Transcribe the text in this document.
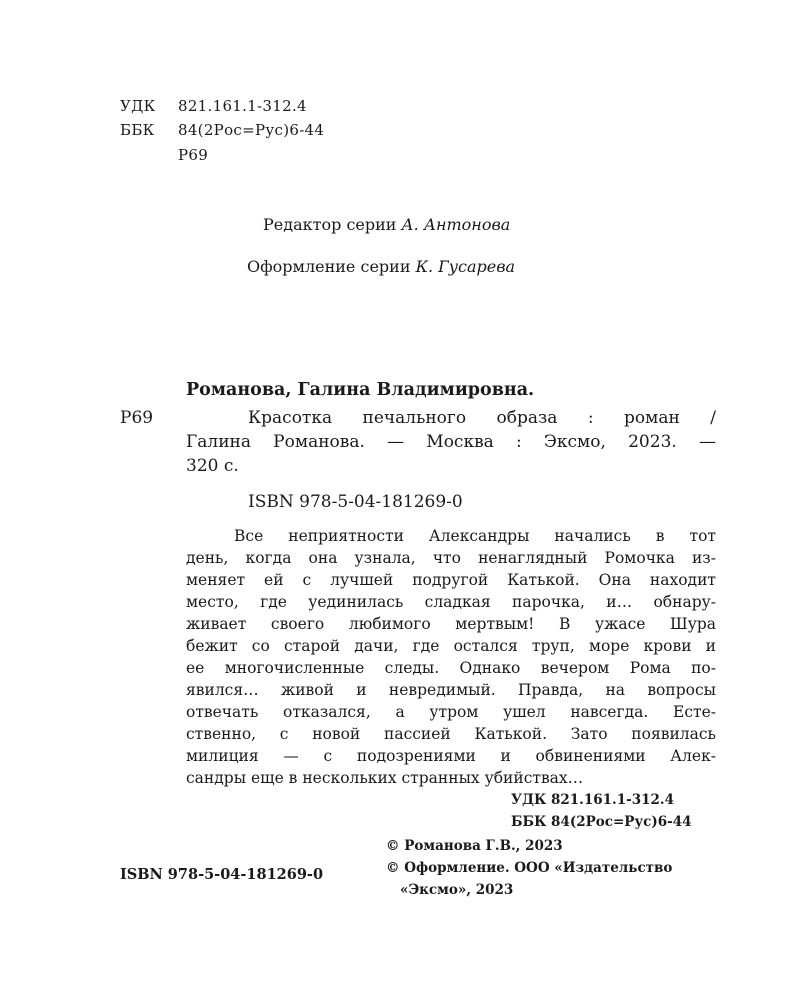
УДК 821.161.1-312.4
ББК 84(2Рос=Рус)6-44
Р69
Редактор серии А. Антонова
Оформление серии К. Гусарева
Романова, Галина Владимировна.
Р69	Красотка печального образа : роман /
Галина Романова. — Москва : Эксмо, 2023. —
320 с.
ISBN 978-5-04-181269-0
Все неприятности Александры начались в тот
день, когда она узнала, что ненаглядный Ромочка из-
меняет ей с лучшей подругой Катькой. Она находит
место, где уединилась сладкая парочка, и… обнару-
живает своего любимого мертвым! В ужасе Шура
бежит со старой дачи, где остался труп, море крови и
ее многочисленные следы. Однако вечером Рома по-
явился… живой и невредимый. Правда, на вопросы
отвечать отказался, а утром ушел навсегда. Есте-
ственно, с новой пассией Катькой. Зато появилась
милиция — с подозрениями и обвинениями Алек-
сандры еще в нескольких странных убийствах…
УДК 821.161.1-312.4
ББК 84(2Рос=Рус)6-44
ISBN 978-5-04-181269-0
© Романова Г.В., 2023
© Оформление. ООО «Издательство
«Эксмо», 2023
